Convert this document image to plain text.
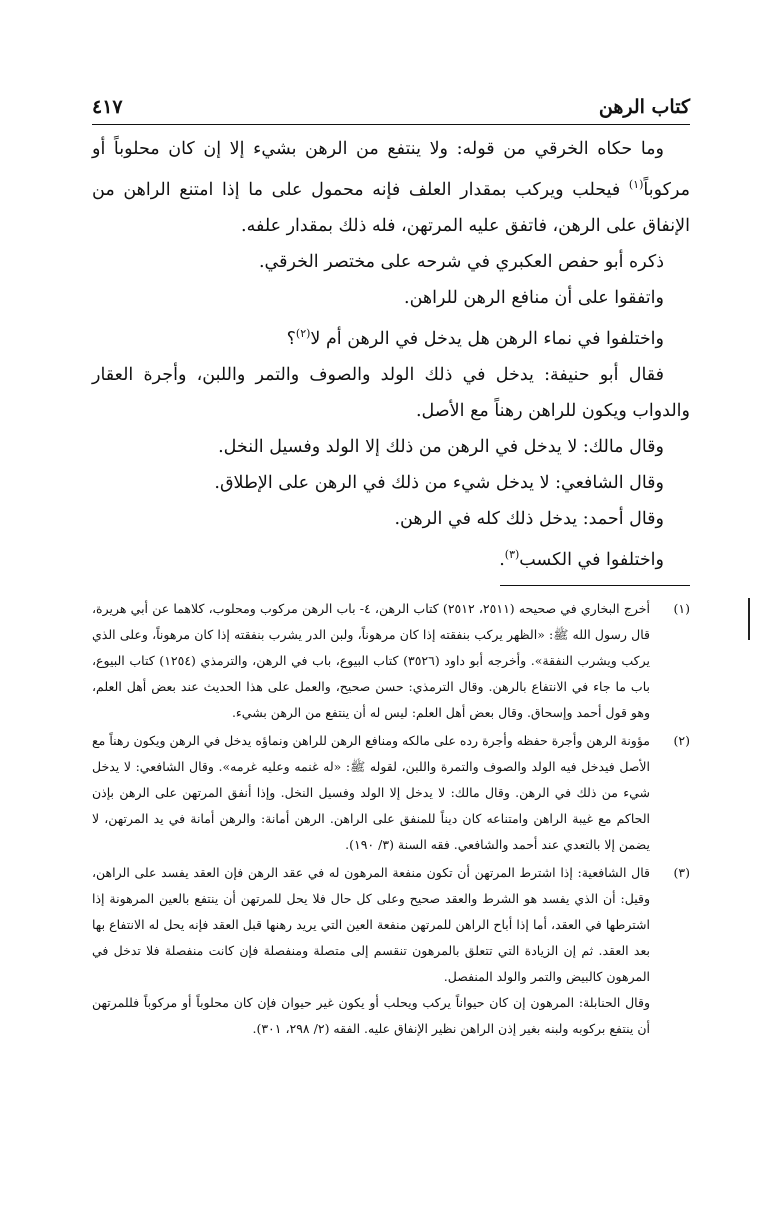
كتاب الرهن
٤١٧

وما حكاه الخرقي من قوله: ولا ينتفع من الرهن بشيء إلا إن كان محلوباً أو مركوباً$^{(١)}$ فيحلب ويركب بمقدار العلف فإنه محمول على ما إذا امتنع الراهن من الإنفاق على الرهن، فاتفق عليه المرتهن، فله ذلك بمقدار علفه.

ذكره أبو حفص العكبري في شرحه على مختصر الخرقي.

واتفقوا على أن منافع الرهن للراهن.

واختلفوا في نماء الرهن هل يدخل في الرهن أم لا$^{(٢)}$؟

فقال أبو حنيفة: يدخل في ذلك الولد والصوف والتمر واللبن، وأجرة العقار والدواب ويكون للراهن رهناً مع الأصل.

وقال مالك: لا يدخل في الرهن من ذلك إلا الولد وفسيل النخل.

وقال الشافعي: لا يدخل شيء من ذلك في الرهن على الإطلاق.

وقال أحمد: يدخل ذلك كله في الرهن.

واختلفوا في الكسب$^{(٣)}$.

(١)

أخرج البخاري في صحيحه (٢٥١١، ٢٥١٢) كتاب الرهن، ٤- باب الرهن مركوب ومحلوب، كلاهما عن أبي هريرة، قال رسول الله ﷺ: «الظهر يركب بنفقته إذا كان مرهوناً، ولبن الدر يشرب بنفقته إذا كان مرهوناً، وعلى الذي يركب ويشرب النفقة». وأخرجه أبو داود (٣٥٢٦) كتاب البيوع، باب في الرهن، والترمذي (١٢٥٤) كتاب البيوع، باب ما جاء في الانتفاع بالرهن. وقال الترمذي: حسن صحيح، والعمل على هذا الحديث عند بعض أهل العلم، وهو قول أحمد وإسحاق. وقال بعض أهل العلم: ليس له أن ينتفع من الرهن بشيء.

(٢)

مؤونة الرهن وأجرة حفظه وأجرة رده على مالكه ومنافع الرهن للراهن ونماؤه يدخل في الرهن ويكون رهناً مع الأصل فيدخل فيه الولد والصوف والتمرة واللبن، لقوله ﷺ: «له غنمه وعليه غرمه». وقال الشافعي: لا يدخل شيء من ذلك في الرهن. وقال مالك: لا يدخل إلا الولد وفسيل النخل. وإذا أنفق المرتهن على الرهن بإذن الحاكم مع غيبة الراهن وامتناعه كان ديناً للمنفق على الراهن. الرهن أمانة: والرهن أمانة في يد المرتهن، لا يضمن إلا بالتعدي عند أحمد والشافعي. فقه السنة (٣/ ١٩٠).

(٣)

قال الشافعية: إذا اشترط المرتهن أن تكون منفعة المرهون له في عقد الرهن فإن العقد يفسد على الراهن، وقيل: أن الذي يفسد هو الشرط والعقد صحيح وعلى كل حال فلا يحل للمرتهن أن ينتفع بالعين المرهونة إذا اشترطها في العقد، أما إذا أباح الراهن للمرتهن منفعة العين التي يريد رهنها قبل العقد فإنه يحل له الانتفاع بها بعد العقد. ثم إن الزيادة التي تتعلق بالمرهون تنقسم إلى متصلة ومنفصلة فإن كانت منفصلة فلا تدخل في المرهون كالبيض والتمر والولد المنفصل.

وقال الحنابلة: المرهون إن كان حيواناً يركب ويحلب أو يكون غير حيوان فإن كان محلوباً أو مركوباً فللمرتهن أن ينتفع بركوبه ولبنه بغير إذن الراهن نظير الإنفاق عليه. الفقه (٢/ ٢٩٨، ٣٠١).
